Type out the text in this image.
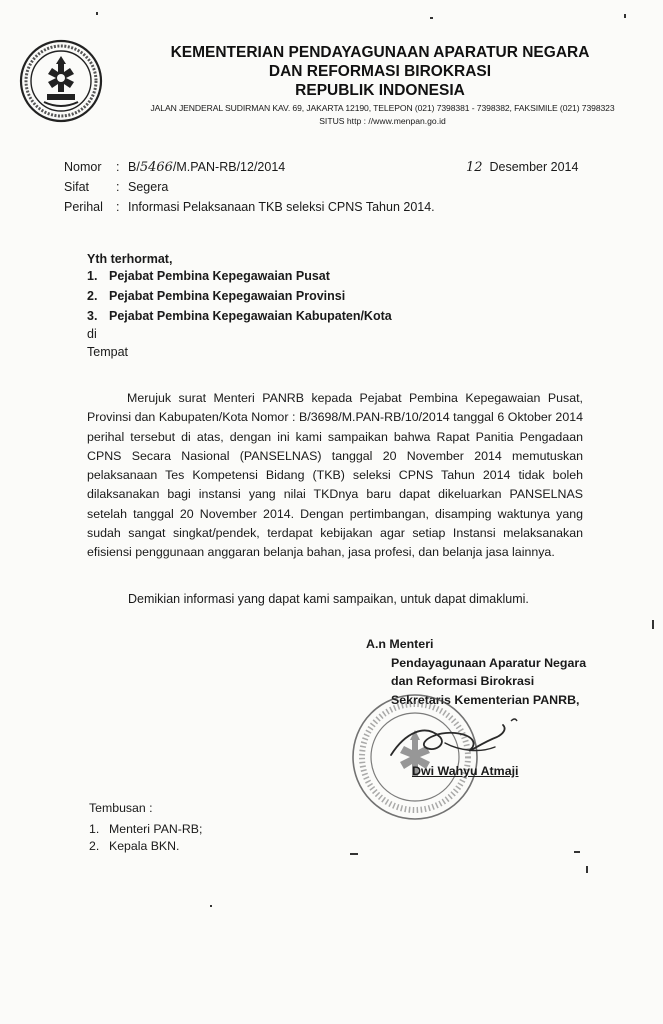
KEMENTERIAN PENDAYAGUNAAN APARATUR NEGARA
DAN REFORMASI BIROKRASI
REPUBLIK INDONESIA
JALAN JENDERAL SUDIRMAN KAV. 69, JAKARTA 12190, TELEPON (021) 7398381 - 7398382, FAKSIMILE (021) 7398323
SITUS http : //www.menpan.go.id
Nomor : B/5466/M.PAN-RB/12/2014
Sifat : Segera
Perihal : Informasi Pelaksanaan TKB seleksi CPNS Tahun 2014.
12 Desember 2014
Yth terhormat,
1. Pejabat Pembina Kepegawaian Pusat
2. Pejabat Pembina Kepegawaian Provinsi
3. Pejabat Pembina Kepegawaian Kabupaten/Kota
di
Tempat
Merujuk surat Menteri PANRB kepada Pejabat Pembina Kepegawaian Pusat, Provinsi dan Kabupaten/Kota Nomor : B/3698/M.PAN-RB/10/2014 tanggal 6 Oktober 2014 perihal tersebut di atas, dengan ini kami sampaikan bahwa Rapat Panitia Pengadaan CPNS Secara Nasional (PANSELNAS) tanggal 20 November 2014 memutuskan pelaksanaan Tes Kompetensi Bidang (TKB) seleksi CPNS Tahun 2014 tidak boleh dilaksanakan bagi instansi yang nilai TKDnya baru dapat dikeluarkan PANSELNAS setelah tanggal 20 November 2014. Dengan pertimbangan, disamping waktunya yang sudah sangat singkat/pendek, terdapat kebijakan agar setiap Instansi melaksanakan efisiensi penggunaan anggaran belanja bahan, jasa profesi, dan belanja jasa lainnya.
Demikian informasi yang dapat kami sampaikan, untuk dapat dimaklumi.
A.n Menteri
Pendayagunaan Aparatur Negara
dan Reformasi Birokrasi
Sekretaris Kementerian PANRB,
Dwi Wahyu Atmaji
Tembusan :
1. Menteri PAN-RB;
2. Kepala BKN.
